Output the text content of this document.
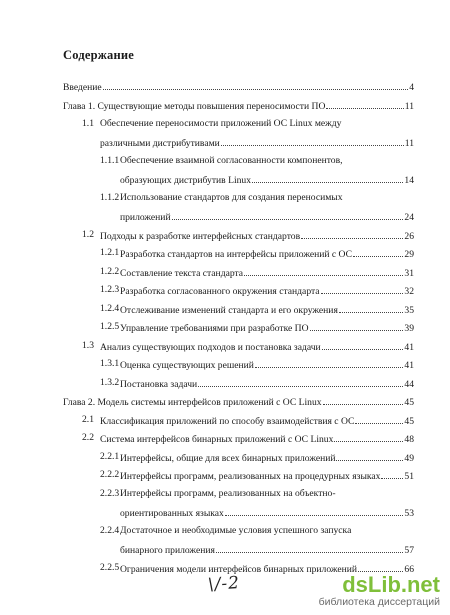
Содержание
Введение	4
Глава 1. Существующие методы повышения переносимости ПО	11
1.1 Обеспечение переносимости приложений ОС Linux между
различными дистрибутивами	11
1.1.1 Обеспечение взаимной согласованности компонентов,
образующих дистрибутив Linux	14
1.1.2 Использование стандартов для создания переносимых
приложений	24
1.2 Подходы к разработке интерфейсных стандартов	26
1.2.1 Разработка стандартов на интерфейсы приложений с ОС	29
1.2.2 Составление текста стандарта	31
1.2.3 Разработка согласованного окружения стандарта	32
1.2.4 Отслеживание изменений стандарта и его окружения	35
1.2.5 Управление требованиями при разработке ПО	39
1.3 Анализ существующих подходов и постановка задачи	41
1.3.1 Оценка существующих решений	41
1.3.2 Постановка задачи	44
Глава 2. Модель системы интерфейсов приложений с ОС Linux	45
2.1 Классификация приложений по способу взаимодействия с ОС	45
2.2 Система интерфейсов бинарных приложений с ОС Linux	48
2.2.1 Интерфейсы, общие для всех бинарных приложений	49
2.2.2 Интерфейсы программ, реализованных на процедурных языках 51
2.2.3 Интерфейсы программ, реализованных на объектно-
ориентированных языках	53
2.2.4 Достаточное и необходимые условия успешного запуска
бинарного приложения	57
2.2.5 Ограничения модели интерфейсов бинарных приложений	66
\/-2	dsLib.net
библиотека диссертаций
